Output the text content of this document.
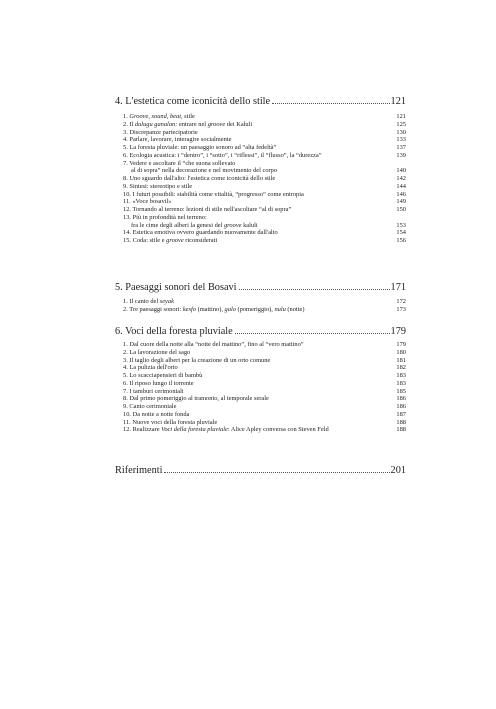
4. L'estetica come iconicità dello stile	121
1. Groove, sound, beat, stile	121
2. Il dulugu ganalan: entrare nel groove dei Kaluli	125
3. Discrepanze partecipatorie	130
4. Parlare, lavorare, interagire socialmente	133
5. La foresta pluviale: un paesaggio sonoro ad “alta fedeltà”	137
6. Ecologia acustica: i “dentro”, i “sotto”, i “riflessi”, il “flusso”, la “durezza”	139
7. Vedere e ascoltare il “che suona sollevato
al di sopra” nella decorazione e nel movimento del corpo	140
8. Uno sguardo dall'alto: l'estetica come iconicità dello stile	142
9. Sintesi: stereotipo e stile	144
10. I futuri possibili: stabilità come vitalità, “progresso” come entropia	146
11. «Voce bosavil»	149
12. Tornando al terreno: lezioni di stile nell'ascoltare “al di sopra”	150
13. Più in profondità nel terreno:
fra le cime degli alberi la genesi del groove kaluli	153
14. Estetica emotiva ovvero guardando nuovamente dall'alto	154
15. Coda: stile e groove riconsiderati	156
5. Paesaggi sonori del Bosavi	171
1. Il canto del seyak	172
2. Tre paesaggi sonori: kesfo (mattino), galo (pomeriggio), nulu (notte)	173
6. Voci della foresta pluviale	179
1. Dal cuore della notte alla “notte del mattino”, fino al “vero mattino”	179
2. La lavorazione del sago	180
3. Il taglio degli alberi per la creazione di un orto comune	181
4. La pulizia dell'orto	182
5. Lo scacciapensieri di bambù	183
6. Il riposo lungo il torrente	183
7. I tamburi cerimoniali	185
8. Dal primo pomeriggio al tramonto, al temporale serale	186
9. Canto cerimoniale	186
10. Da notte a notte fonda	187
11. Nuove voci della foresta pluviale	188
12. Realizzare Voci della foresta pluviale: Alice Apley conversa con Steven Feld	188
Riferimenti	201
